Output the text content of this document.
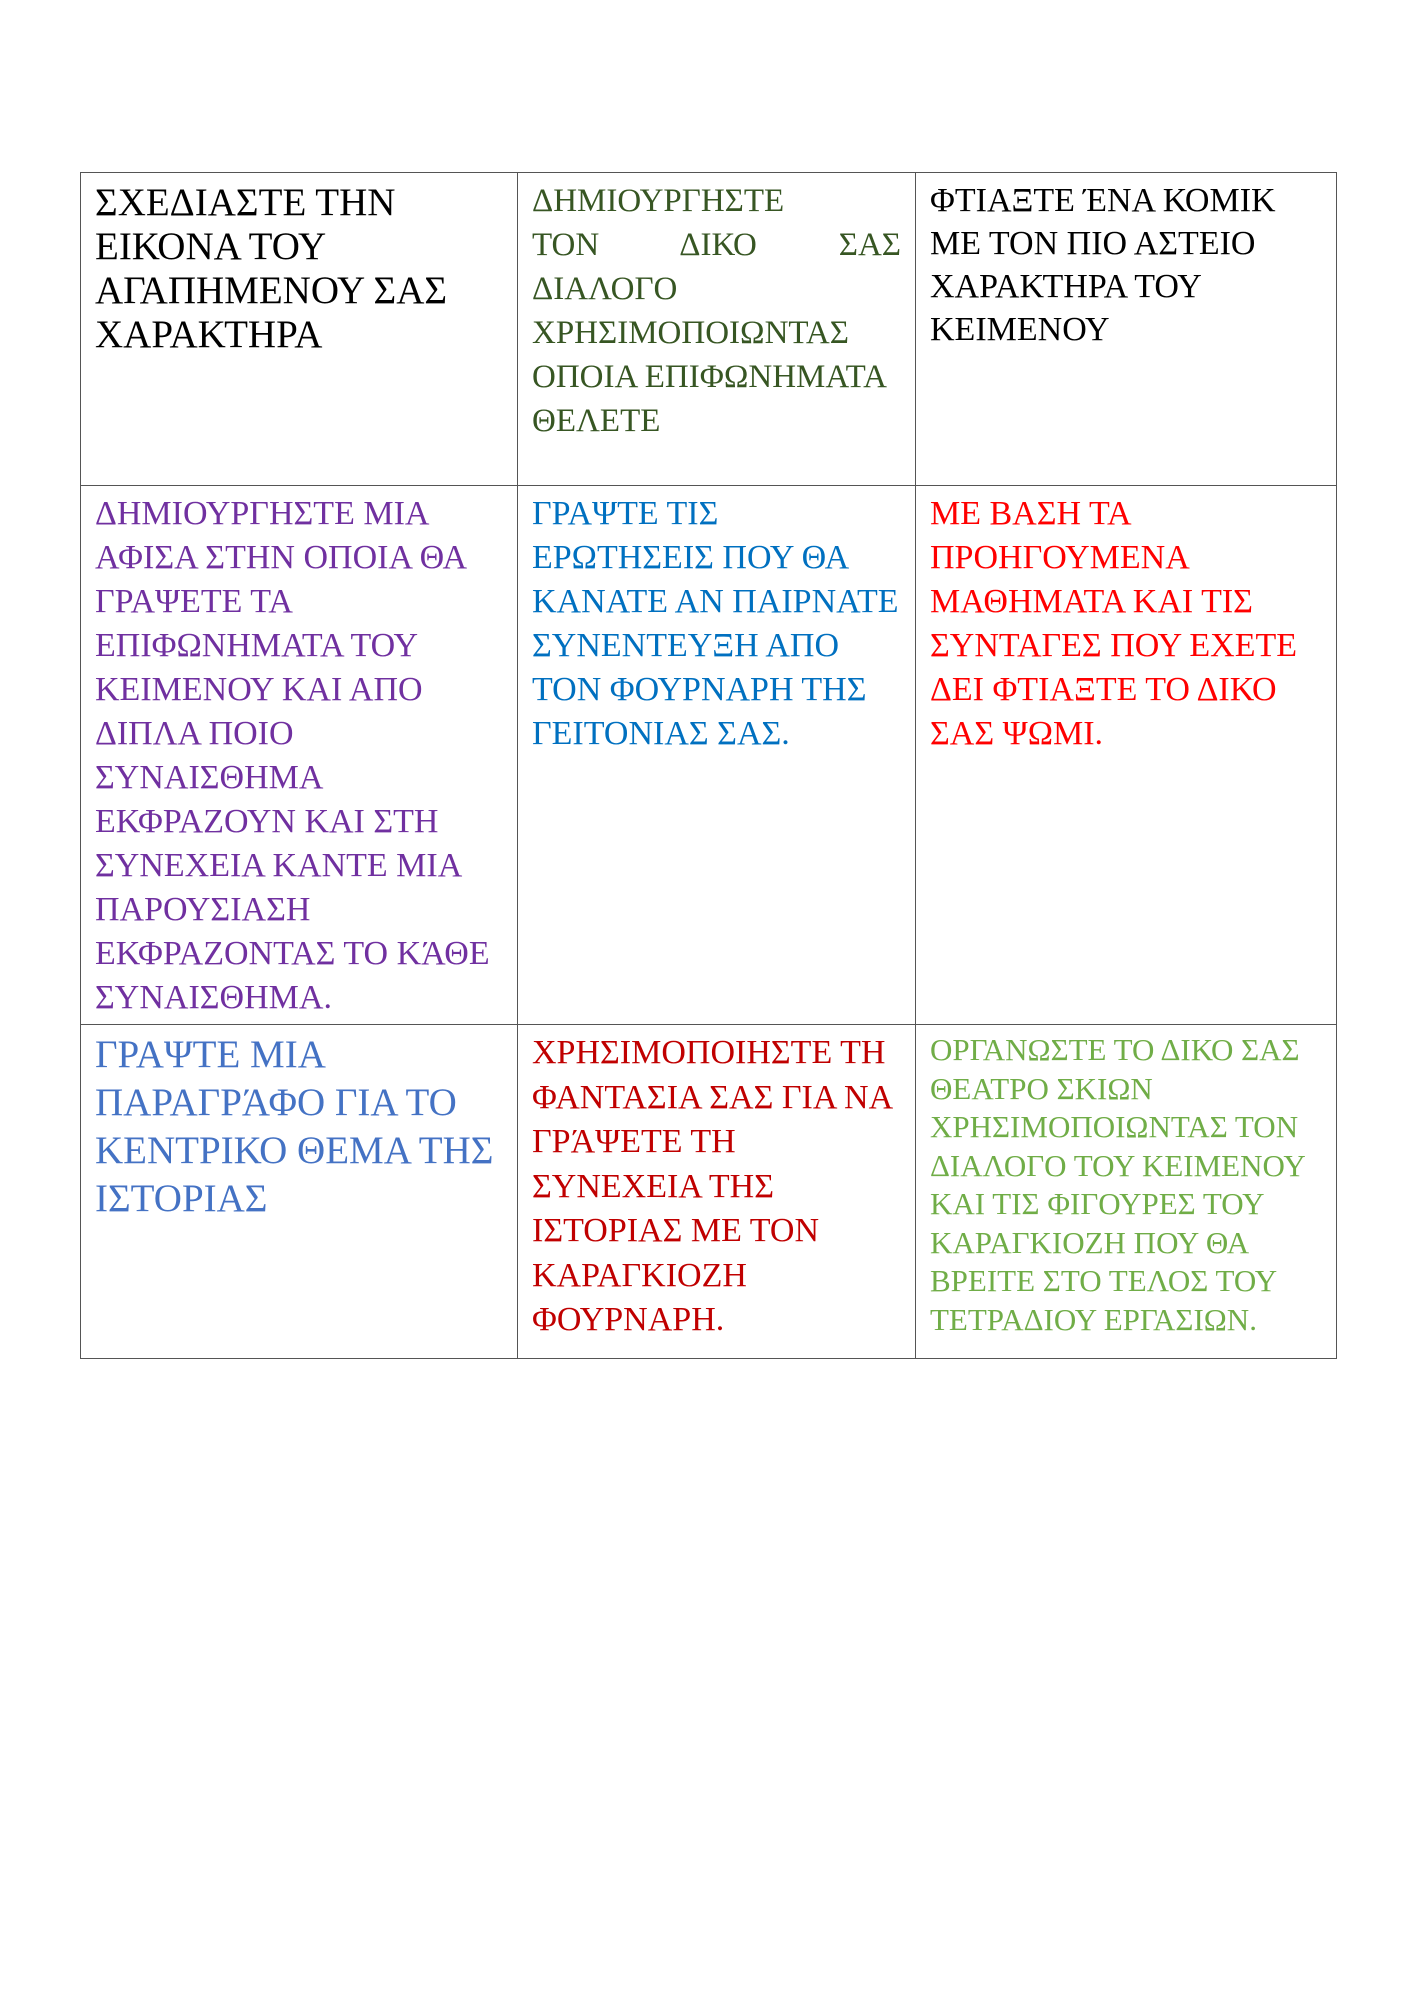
ΣΧΕΔΙΑΣΤΕ ΤΗΝ ΕΙΚΟΝΑ ΤΟΥ ΑΓΑΠΗΜΕΝΟΥ ΣΑΣ ΧΑΡΑΚΤΗΡΑ	ΔΗΜΙΟΥΡΓΗΣΤΕ
ΤΟΝ ΔΙΚΟ ΣΑΣ
ΔΙΑΛΟΓΟ ΧΡΗΣΙΜΟΠΟΙΩΝΤΑΣ ΟΠΟΙΑ ΕΠΙΦΩΝΗΜΑΤΑ ΘΕΛΕΤΕ	ΦΤΙΑΞΤΕ ΈΝΑ ΚΟΜΙΚ ΜΕ ΤΟΝ ΠΙΟ ΑΣΤΕΙΟ ΧΑΡΑΚΤΗΡΑ ΤΟΥ ΚΕΙΜΕΝΟΥ

ΔΗΜΙΟΥΡΓΗΣΤΕ ΜΙΑ ΑΦΙΣΑ ΣΤΗΝ ΟΠΟΙΑ ΘΑ ΓΡΑΨΕΤΕ ΤΑ ΕΠΙΦΩΝΗΜΑΤΑ ΤΟΥ ΚΕΙΜΕΝΟΥ ΚΑΙ ΑΠΟ ΔΙΠΛΑ ΠΟΙΟ ΣΥΝΑΙΣΘΗΜΑ ΕΚΦΡΑΖΟΥΝ ΚΑΙ ΣΤΗ ΣΥΝΕΧΕΙΑ ΚΑΝΤΕ ΜΙΑ ΠΑΡΟΥΣΙΑΣΗ ΕΚΦΡΑΖΟΝΤΑΣ ΤΟ ΚΆΘΕ ΣΥΝΑΙΣΘΗΜΑ.	ΓΡΑΨΤΕ ΤΙΣ ΕΡΩΤΗΣΕΙΣ ΠΟΥ ΘΑ ΚΑΝΑΤΕ ΑΝ ΠΑΙΡΝΑΤΕ ΣΥΝΕΝΤΕΥΞΗ ΑΠΟ ΤΟΝ ΦΟΥΡΝΑΡΗ ΤΗΣ ΓΕΙΤΟΝΙΑΣ ΣΑΣ.	ΜΕ ΒΑΣΗ ΤΑ ΠΡΟΗΓΟΥΜΕΝΑ ΜΑΘΗΜΑΤΑ ΚΑΙ ΤΙΣ ΣΥΝΤΑΓΕΣ ΠΟΥ ΕΧΕΤΕ ΔΕΙ ΦΤΙΑΞΤΕ ΤΟ ΔΙΚΟ ΣΑΣ ΨΩΜΙ.

ΓΡΑΨΤΕ ΜΙΑ ΠΑΡΑΓΡΆΦΟ ΓΙΑ ΤΟ ΚΕΝΤΡΙΚΟ ΘΕΜΑ ΤΗΣ ΙΣΤΟΡΙΑΣ	ΧΡΗΣΙΜΟΠΟΙΗΣΤΕ ΤΗ ΦΑΝΤΑΣΙΑ ΣΑΣ ΓΙΑ ΝΑ ΓΡΆΨΕΤΕ ΤΗ ΣΥΝΕΧΕΙΑ ΤΗΣ ΙΣΤΟΡΙΑΣ ΜΕ ΤΟΝ ΚΑΡΑΓΚΙΟΖΗ ΦΟΥΡΝΑΡΗ.	ΟΡΓΑΝΩΣΤΕ ΤΟ ΔΙΚΟ ΣΑΣ ΘΕΑΤΡΟ ΣΚΙΩΝ ΧΡΗΣΙΜΟΠΟΙΩΝΤΑΣ ΤΟΝ ΔΙΑΛΟΓΟ ΤΟΥ ΚΕΙΜΕΝΟΥ ΚΑΙ ΤΙΣ ΦΙΓΟΥΡΕΣ ΤΟΥ ΚΑΡΑΓΚΙΟΖΗ ΠΟΥ ΘΑ ΒΡΕΙΤΕ ΣΤΟ ΤΕΛΟΣ ΤΟΥ ΤΕΤΡΑΔΙΟΥ ΕΡΓΑΣΙΩΝ.
